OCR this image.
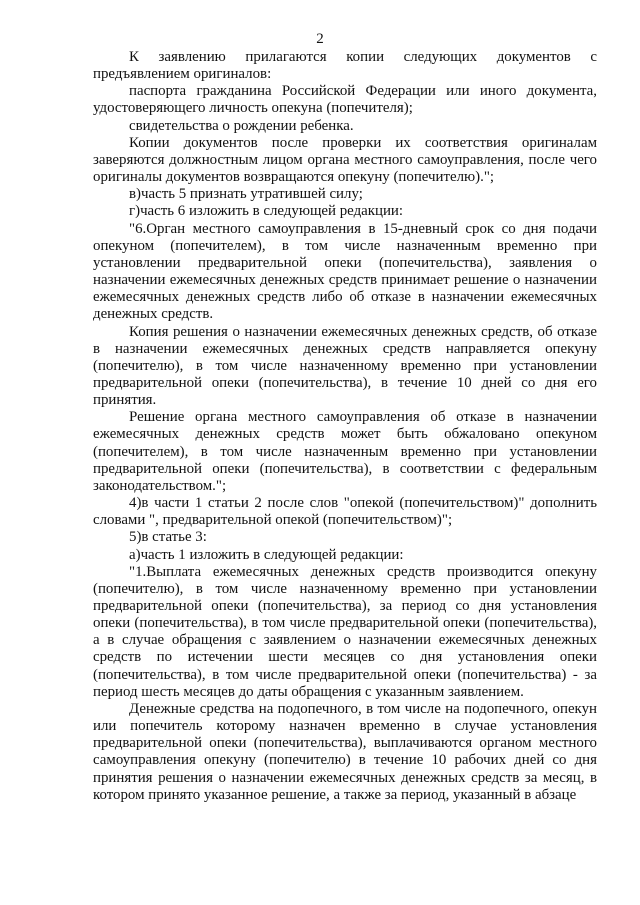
2

К заявлению прилагаются копии следующих документов с предъявлением оригиналов:

паспорта гражданина Российской Федерации или иного документа, удостоверяющего личность опекуна (попечителя);

свидетельства о рождении ребенка.

Копии документов после проверки их соответствия оригиналам заверяются должностным лицом органа местного самоуправления, после чего оригиналы документов возвращаются опекуну (попечителю).";

в)часть 5 признать утратившей силу;

г)часть 6 изложить в следующей редакции:

"6.Орган местного самоуправления в 15-дневный срок со дня подачи опекуном (попечителем), в том числе назначенным временно при установлении предварительной опеки (попечительства), заявления о назначении ежемесячных денежных средств принимает решение о назначении ежемесячных денежных средств либо об отказе в назначении ежемесячных денежных средств.

Копия решения о назначении ежемесячных денежных средств, об отказе в назначении ежемесячных денежных средств направляется опекуну (попечителю), в том числе назначенному временно при установлении предварительной опеки (попечительства), в течение 10 дней со дня его принятия.

Решение органа местного самоуправления об отказе в назначении ежемесячных денежных средств может быть обжаловано опекуном (попечителем), в том числе назначенным временно при установлении предварительной опеки (попечительства), в соответствии с федеральным законодательством.";

4)в части 1 статьи 2 после слов "опекой (попечительством)" дополнить словами ", предварительной опекой (попечительством)";

5)в статье 3:

а)часть 1 изложить в следующей редакции:

"1.Выплата ежемесячных денежных средств производится опекуну (попечителю), в том числе назначенному временно при установлении предварительной опеки (попечительства), за период со дня установления опеки (попечительства), в том числе предварительной опеки (попечительства), а в случае обращения с заявлением о назначении ежемесячных денежных средств по истечении шести месяцев со дня установления опеки (попечительства), в том числе предварительной опеки (попечительства) - за период шесть месяцев до даты обращения с указанным заявлением.

Денежные средства на подопечного, в том числе на подопечного, опекун или попечитель которому назначен временно в случае установления предварительной опеки (попечительства), выплачиваются органом местного самоуправления опекуну (попечителю) в течение 10 рабочих дней со дня принятия решения о назначении ежемесячных денежных средств за месяц, в котором принято указанное решение, а также за период, указанный в абзаце
